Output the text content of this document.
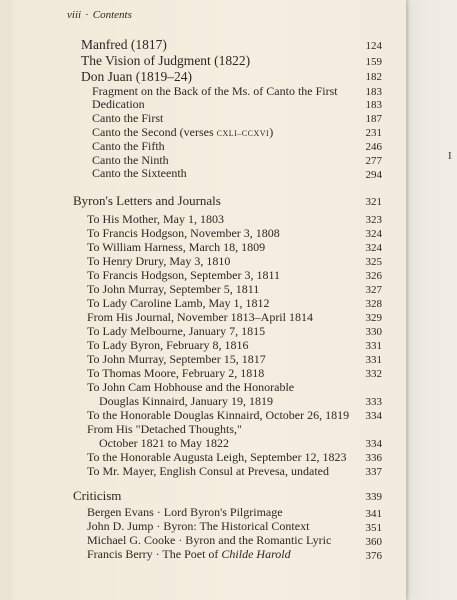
I
viii · Contents
Manfred (1817)	124
The Vision of Judgment (1822)	159
Don Juan (1819–24)	182
Fragment on the Back of the Ms. of Canto the First	183
Dedication	183
Canto the First	187
Canto the Second (verses CXLI–CCXVI)	231
Canto the Fifth	246
Canto the Ninth	277
Canto the Sixteenth	294
Byron's Letters and Journals	321
To His Mother, May 1, 1803	323
To Francis Hodgson, November 3, 1808	324
To William Harness, March 18, 1809	324
To Henry Drury, May 3, 1810	325
To Francis Hodgson, September 3, 1811	326
To John Murray, September 5, 1811	327
To Lady Caroline Lamb, May 1, 1812	328
From His Journal, November 1813–April 1814	329
To Lady Melbourne, January 7, 1815	330
To Lady Byron, February 8, 1816	331
To John Murray, September 15, 1817	331
To Thomas Moore, February 2, 1818	332
To John Cam Hobhouse and the Honorable
Douglas Kinnaird, January 19, 1819	333
To the Honorable Douglas Kinnaird, October 26, 1819 334
From His "Detached Thoughts,"
October 1821 to May 1822	334
To the Honorable Augusta Leigh, September 12, 1823 336
To Mr. Mayer, English Consul at Prevesa, undated	337
Criticism	339
Bergen Evans · Lord Byron's Pilgrimage	341
John D. Jump · Byron: The Historical Context	351
Michael G. Cooke · Byron and the Romantic Lyric	360
Francis Berry · The Poet of Childe Harold	376
